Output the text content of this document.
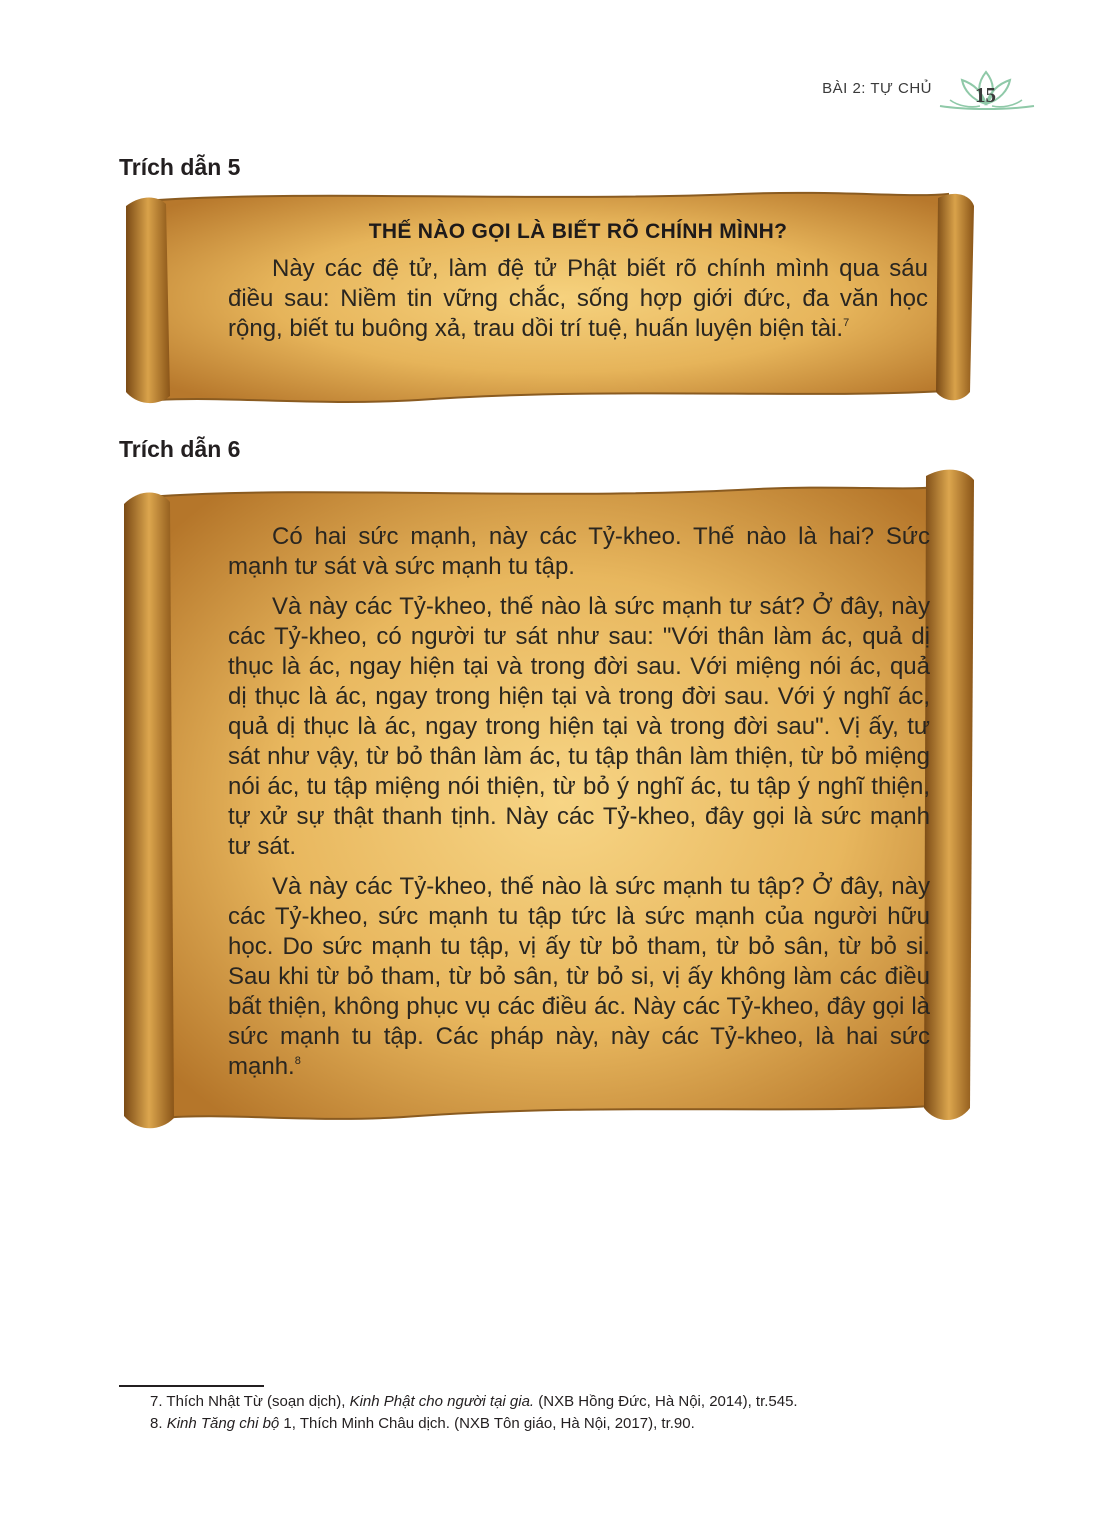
BÀI 2: TỰ CHỦ 15
Trích dẫn 5
THẾ NÀO GỌI LÀ BIẾT RÕ CHÍNH MÌNH?

Này các đệ tử, làm đệ tử Phật biết rõ chính mình qua sáu điều sau: Niềm tin vững chắc, sống hợp giới đức, đa văn học rộng, biết tu buông xả, trau dồi trí tuệ, huấn luyện biện tài.$^7$

Trích dẫn 6

Có hai sức mạnh, này các Tỷ-kheo. Thế nào là hai? Sức mạnh tư sát và sức mạnh tu tập.

Và này các Tỷ-kheo, thế nào là sức mạnh tư sát? Ở đây, này các Tỷ-kheo, có người tư sát như sau: "Với thân làm ác, quả dị thục là ác, ngay hiện tại và trong đời sau. Với miệng nói ác, quả dị thục là ác, ngay trong hiện tại và trong đời sau. Với ý nghĩ ác, quả dị thục là ác, ngay trong hiện tại và trong đời sau". Vị ấy, tư sát như vậy, từ bỏ thân làm ác, tu tập thân làm thiện, từ bỏ miệng nói ác, tu tập miệng nói thiện, từ bỏ ý nghĩ ác, tu tập ý nghĩ thiện, tự xử sự thật thanh tịnh. Này các Tỷ-kheo, đây gọi là sức mạnh tư sát.

Và này các Tỷ-kheo, thế nào là sức mạnh tu tập? Ở đây, này các Tỷ-kheo, sức mạnh tu tập tức là sức mạnh của người hữu học. Do sức mạnh tu tập, vị ấy từ bỏ tham, từ bỏ sân, từ bỏ si. Sau khi từ bỏ tham, từ bỏ sân, từ bỏ si, vị ấy không làm các điều bất thiện, không phục vụ các điều ác. Này các Tỷ-kheo, đây gọi là sức mạnh tu tập. Các pháp này, này các Tỷ-kheo, là hai sức mạnh.$^8$

7. Thích Nhật Từ (soạn dịch), Kinh Phật cho người tại gia. (NXB Hồng Đức, Hà Nội, 2014), tr.545.
8. Kinh Tăng chi bộ 1, Thích Minh Châu dịch. (NXB Tôn giáo, Hà Nội, 2017), tr.90.
